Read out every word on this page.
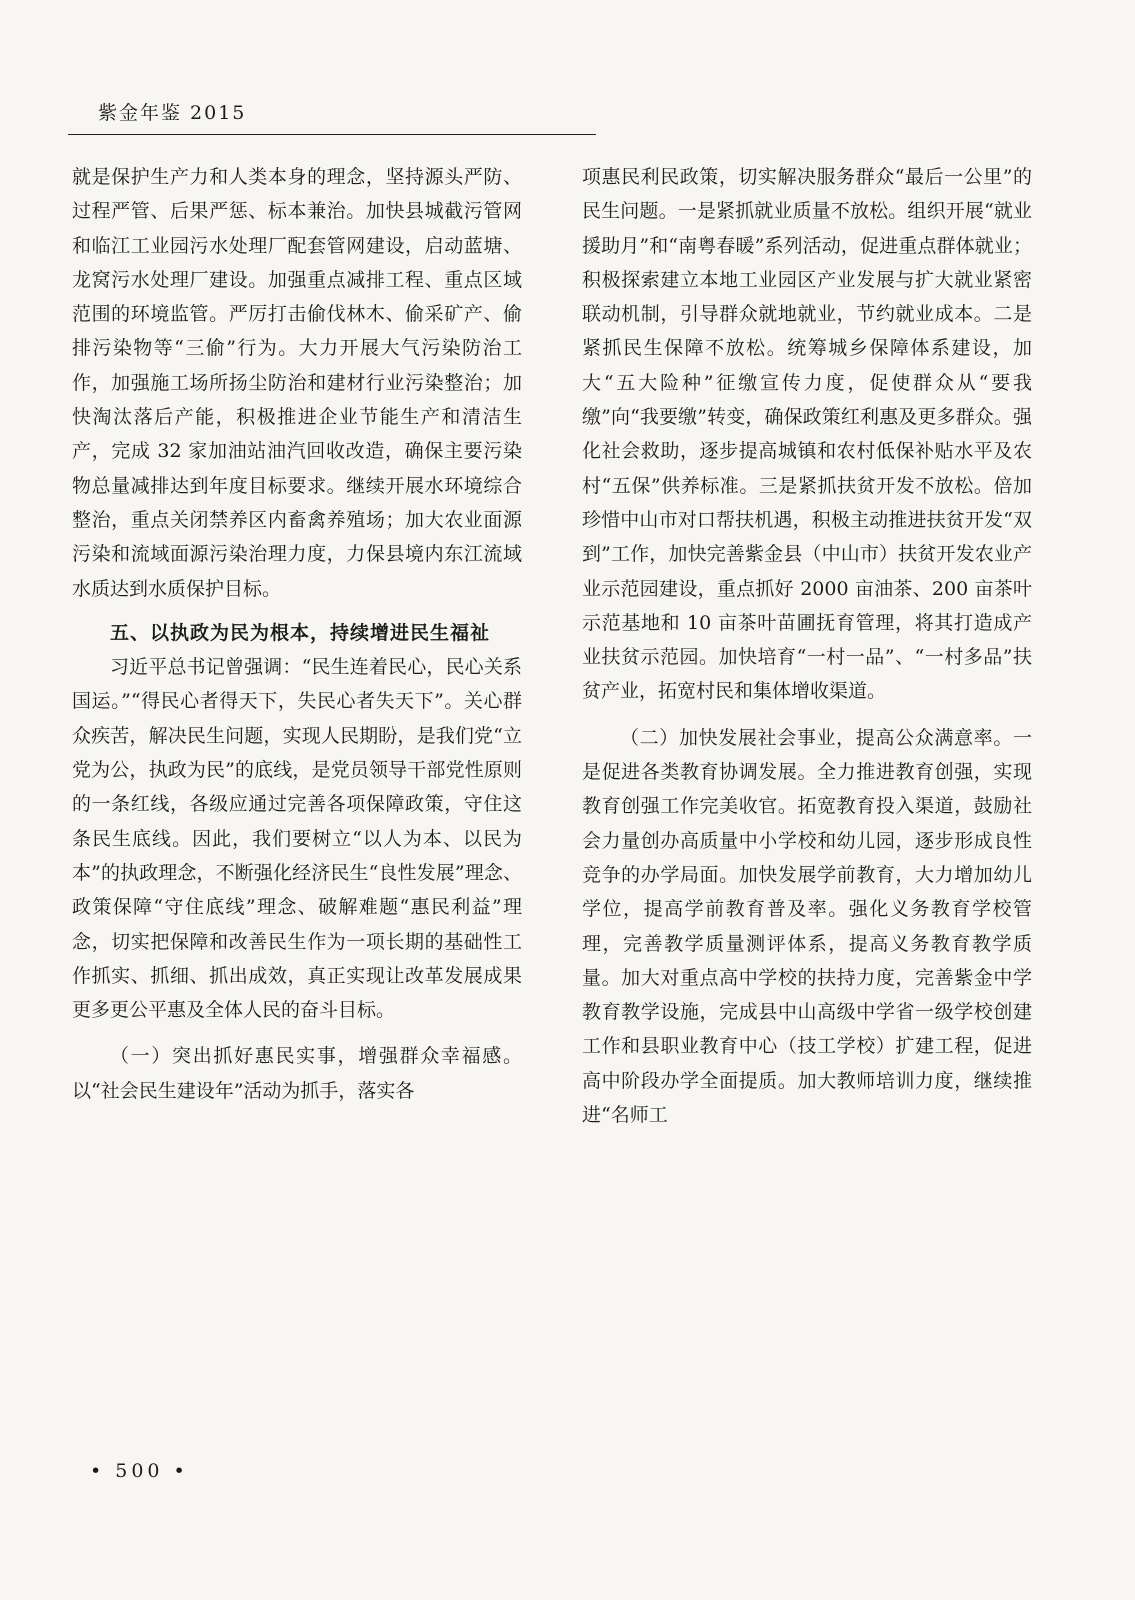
紫金年鉴 2015

就是保护生产力和人类本身的理念，坚持源头严防、过程严管、后果严惩、标本兼治。加快县城截污管网和临江工业园污水处理厂配套管网建设，启动蓝塘、龙窝污水处理厂建设。加强重点减排工程、重点区域范围的环境监管。严厉打击偷伐林木、偷采矿产、偷排污染物等“三偷”行为。大力开展大气污染防治工作，加强施工场所扬尘防治和建材行业污染整治；加快淘汰落后产能，积极推进企业节能生产和清洁生产，完成 32 家加油站油汽回收改造，确保主要污染物总量减排达到年度目标要求。继续开展水环境综合整治，重点关闭禁养区内畜禽养殖场；加大农业面源污染和流域面源污染治理力度，力保县境内东江流域水质达到水质保护目标。

五、以执政为民为根本，持续增进民生福祉

习近平总书记曾强调：“民生连着民心，民心关系国运。”“得民心者得天下，失民心者失天下”。关心群众疾苦，解决民生问题，实现人民期盼，是我们党“立党为公，执政为民”的底线，是党员领导干部党性原则的一条红线，各级应通过完善各项保障政策，守住这条民生底线。因此，我们要树立“以人为本、以民为本”的执政理念，不断强化经济民生“良性发展”理念、政策保障“守住底线”理念、破解难题“惠民利益”理念，切实把保障和改善民生作为一项长期的基础性工作抓实、抓细、抓出成效，真正实现让改革发展成果更多更公平惠及全体人民的奋斗目标。

（一）突出抓好惠民实事，增强群众幸福感。以“社会民生建设年”活动为抓手，落实各

项惠民利民政策，切实解决服务群众“最后一公里”的民生问题。一是紧抓就业质量不放松。组织开展“就业援助月”和“南粤春暖”系列活动，促进重点群体就业；积极探索建立本地工业园区产业发展与扩大就业紧密联动机制，引导群众就地就业，节约就业成本。二是紧抓民生保障不放松。统筹城乡保障体系建设，加大“五大险种”征缴宣传力度，促使群众从“要我缴”向“我要缴”转变，确保政策红利惠及更多群众。强化社会救助，逐步提高城镇和农村低保补贴水平及农村“五保”供养标准。三是紧抓扶贫开发不放松。倍加珍惜中山市对口帮扶机遇，积极主动推进扶贫开发“双到”工作，加快完善紫金县（中山市）扶贫开发农业产业示范园建设，重点抓好 2000 亩油茶、200 亩茶叶示范基地和 10 亩茶叶苗圃抚育管理，将其打造成产业扶贫示范园。加快培育“一村一品”、“一村多品”扶贫产业，拓宽村民和集体增收渠道。

（二）加快发展社会事业，提高公众满意率。一是促进各类教育协调发展。全力推进教育创强，实现教育创强工作完美收官。拓宽教育投入渠道，鼓励社会力量创办高质量中小学校和幼儿园，逐步形成良性竞争的办学局面。加快发展学前教育，大力增加幼儿学位，提高学前教育普及率。强化义务教育学校管理，完善教学质量测评体系，提高义务教育教学质量。加大对重点高中学校的扶持力度，完善紫金中学教育教学设施，完成县中山高级中学省一级学校创建工作和县职业教育中心（技工学校）扩建工程，促进高中阶段办学全面提质。加大教师培训力度，继续推进“名师工

• 500 •
